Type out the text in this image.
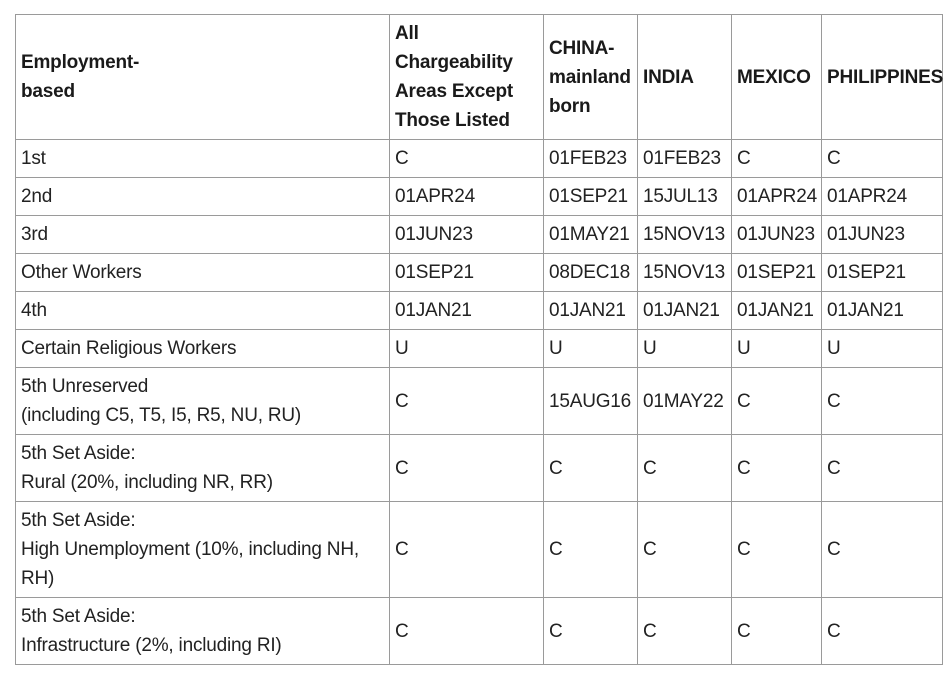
Employment-
based	All
Chargeability
Areas Except
Those Listed	CHINA-
mainland
born	INDIA	MEXICO	PHILIPPINES
1st	C	01FEB23	01FEB23	C	C
2nd	01APR24	01SEP21	15JUL13	01APR24	01APR24
3rd	01JUN23	01MAY21	15NOV13	01JUN23	01JUN23
Other Workers	01SEP21	08DEC18	15NOV13	01SEP21	01SEP21
4th	01JAN21	01JAN21	01JAN21	01JAN21	01JAN21
Certain Religious Workers	U	U	U	U	U
5th Unreserved
(including C5, T5, I5, R5, NU, RU)	C	15AUG16	01MAY22	C	C
5th Set Aside:
Rural (20%, including NR, RR)	C	C	C	C	C
5th Set Aside:
High Unemployment (10%, including NH, RH)	C	C	C	C	C
5th Set Aside:
Infrastructure (2%, including RI)	C	C	C	C	C
